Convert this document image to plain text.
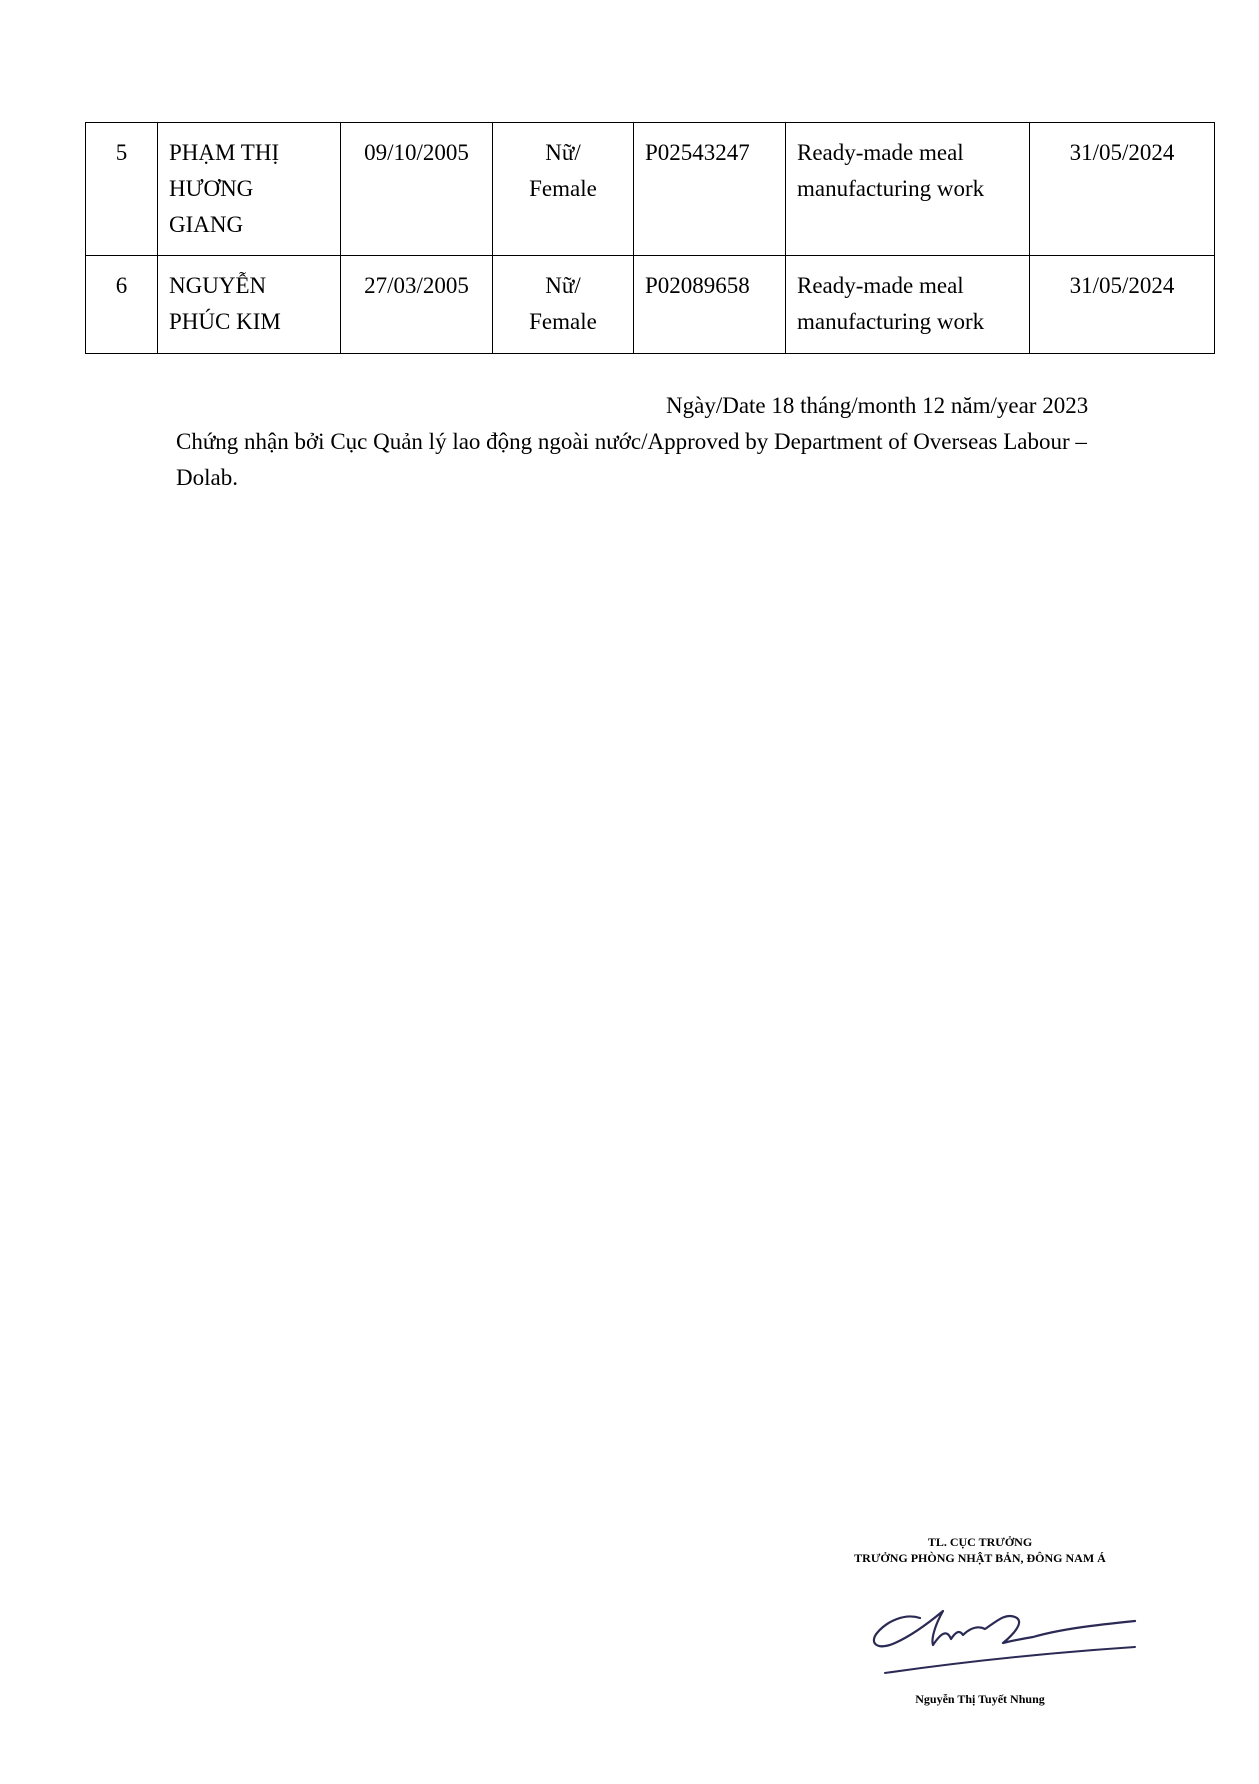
5	PHẠM THỊ
HƯƠNG
GIANG	09/10/2005	Nữ/
Female	P02543247	Ready-made meal
manufacturing work	31/05/2024
6	NGUYỄN
PHÚC KIM	27/03/2005	Nữ/
Female	P02089658	Ready-made meal
manufacturing work	31/05/2024
Ngày/Date 18 tháng/month 12 năm/year 2023
Chứng nhận bởi Cục Quản lý lao động ngoài nước/Approved by Department of Overseas Labour – Dolab.
TL. CỤC TRƯỞNG
TRƯỞNG PHÒNG NHẬT BẢN, ĐÔNG NAM Á
Nguyễn Thị Tuyết Nhung
